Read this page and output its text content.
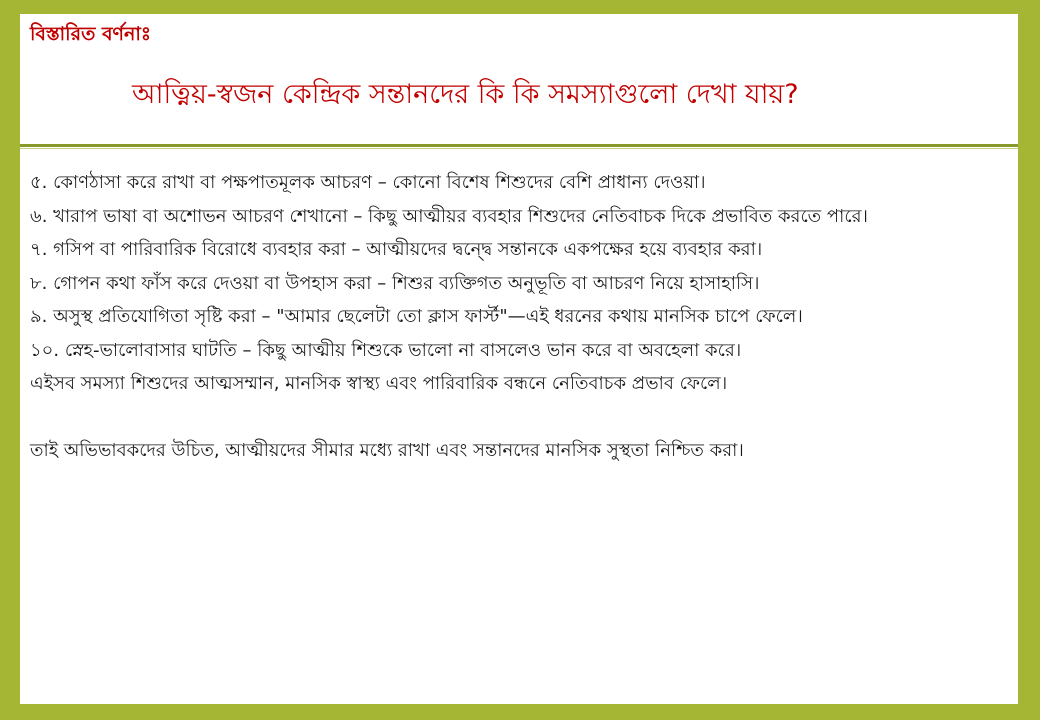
বিস্তারিত বর্ণনাঃ
আত্নিয়-স্বজন কেন্দ্রিক সন্তানদের কি কি সমস্যাগুলো দেখা যায়?

৫. কোণঠাসা করে রাখা বা পক্ষপাতমূলক আচরণ – কোনো বিশেষ শিশুদের বেশি প্রাধান্য দেওয়া।

৬. খারাপ ভাষা বা অশোভন আচরণ শেখানো – কিছু আত্মীয়র ব্যবহার শিশুদের নেতিবাচক দিকে প্রভাবিত করতে পারে।

৭. গসিপ বা পারিবারিক বিরোধে ব্যবহার করা – আত্মীয়দের দ্বন্দ্বে সন্তানকে একপক্ষের হয়ে ব্যবহার করা।

৮. গোপন কথা ফাঁস করে দেওয়া বা উপহাস করা – শিশুর ব্যক্তিগত অনুভূতি বা আচরণ নিয়ে হাসাহাসি।

৯. অসুস্থ প্রতিযোগিতা সৃষ্টি করা – "আমার ছেলেটা তো ক্লাস ফার্স্ট"—এই ধরনের কথায় মানসিক চাপে ফেলে।

১০. স্নেহ-ভালোবাসার ঘাটতি – কিছু আত্মীয় শিশুকে ভালো না বাসলেও ভান করে বা অবহেলা করে।

এইসব সমস্যা শিশুদের আত্মসম্মান, মানসিক স্বাস্থ্য এবং পারিবারিক বন্ধনে নেতিবাচক প্রভাব ফেলে।

তাই অভিভাবকদের উচিত, আত্মীয়দের সীমার মধ্যে রাখা এবং সন্তানদের মানসিক সুস্থতা নিশ্চিত করা।
